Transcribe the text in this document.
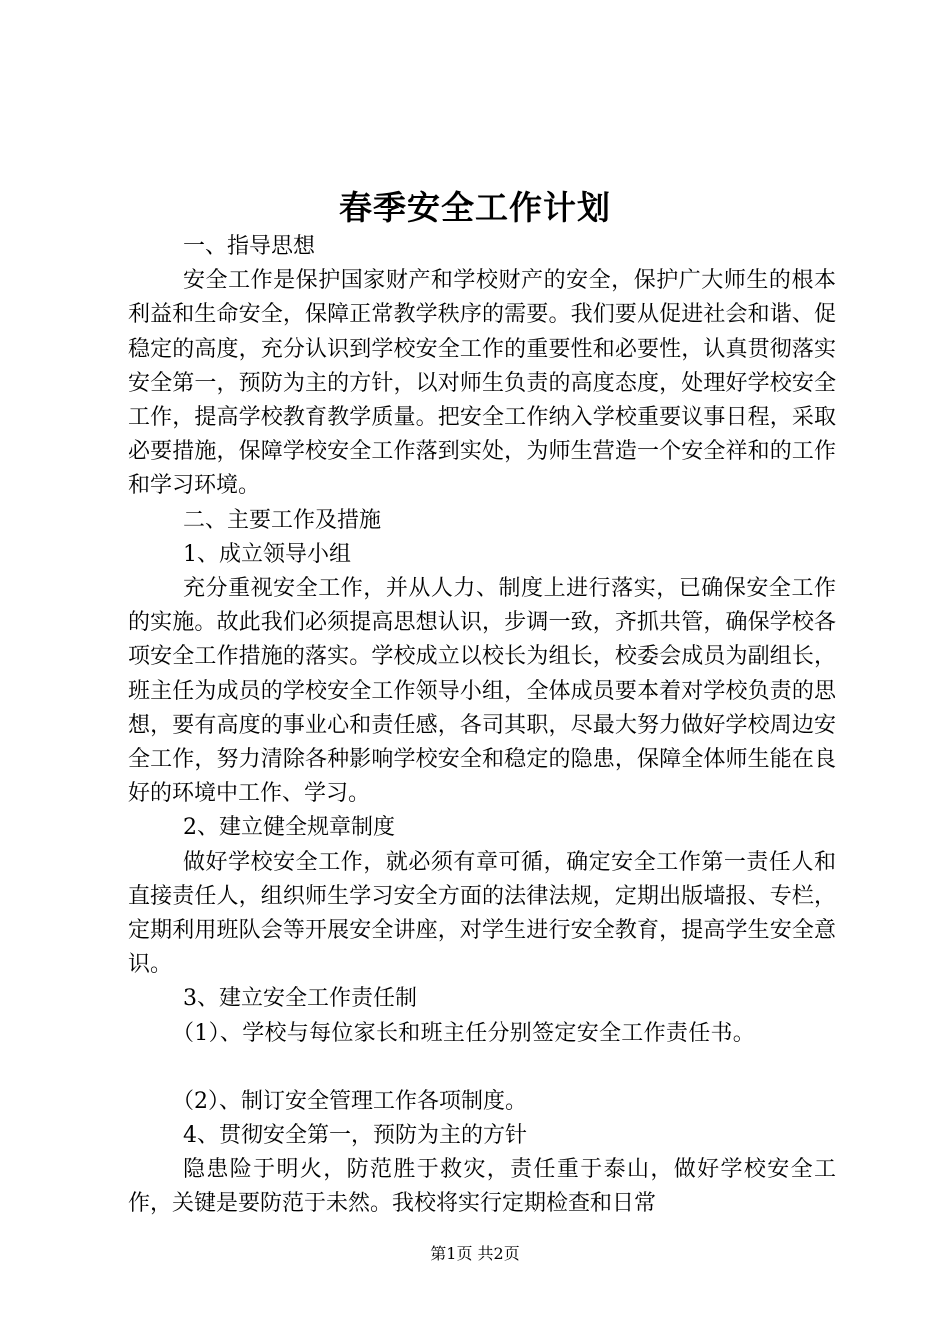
春季安全工作计划

一、指导思想

安全工作是保护国家财产和学校财产的安全，保护广大师生的根本利益和生命安全，保障正常教学秩序的需要。我们要从促进社会和谐、促稳定的高度，充分认识到学校安全工作的重要性和必要性，认真贯彻落实安全第一，预防为主的方针，以对师生负责的高度态度，处理好学校安全工作，提高学校教育教学质量。把安全工作纳入学校重要议事日程，采取必要措施，保障学校安全工作落到实处，为师生营造一个安全祥和的工作和学习环境。

二、主要工作及措施

1、成立领导小组

充分重视安全工作，并从人力、制度上进行落实，已确保安全工作的实施。故此我们必须提高思想认识，步调一致，齐抓共管，确保学校各项安全工作措施的落实。学校成立以校长为组长，校委会成员为副组长，班主任为成员的学校安全工作领导小组，全体成员要本着对学校负责的思想，要有高度的事业心和责任感，各司其职，尽最大努力做好学校周边安全工作，努力清除各种影响学校安全和稳定的隐患，保障全体师生能在良好的环境中工作、学习。

2、建立健全规章制度

做好学校安全工作，就必须有章可循，确定安全工作第一责任人和直接责任人，组织师生学习安全方面的法律法规，定期出版墙报、专栏，定期利用班队会等开展安全讲座，对学生进行安全教育，提高学生安全意识。

3、建立安全工作责任制

（1）、学校与每位家长和班主任分别签定安全工作责任书。

（2）、制订安全管理工作各项制度。

4、贯彻安全第一，预防为主的方针

隐患险于明火，防范胜于救灾，责任重于泰山，做好学校安全工作，关键是要防范于未然。我校将实行定期检查和日常

第1页 共2页
